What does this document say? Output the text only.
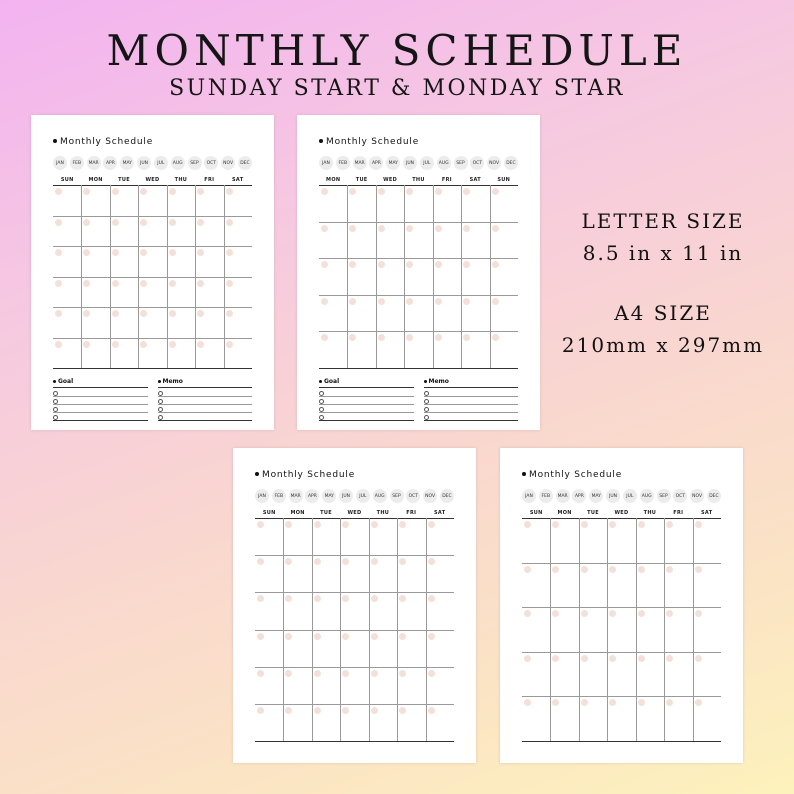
MONTHLY SCHEDULE
SUNDAY START & MONDAY STAR
LETTER SIZE
8.5 in x 11 in
A4 SIZE
210mm x 297mm
Monthly Schedule
JAN	FEB	MAR	APR	MAY	JUN	JUL	AUG	SEP	OCT	NOV	DEC
SUN	MON	TUE	WED	THU	FRI	SAT
Goal	Memo
Monthly Schedule
JAN	FEB	MAR	APR	MAY	JUN	JUL	AUG	SEP	OCT	NOV	DEC
MON	TUE	WED	THU	FRI	SAT	SUN
Goal	Memo
Monthly Schedule
JAN	FEB	MAR	APR	MAY	JUN	JUL	AUG	SEP	OCT	NOV	DEC
SUN	MON	TUE	WED	THU	FRI	SAT
Monthly Schedule
JAN	FEB	MAR	APR	MAY	JUN	JUL	AUG	SEP	OCT	NOV	DEC
SUN	MON	TUE	WED	THU	FRI	SAT
